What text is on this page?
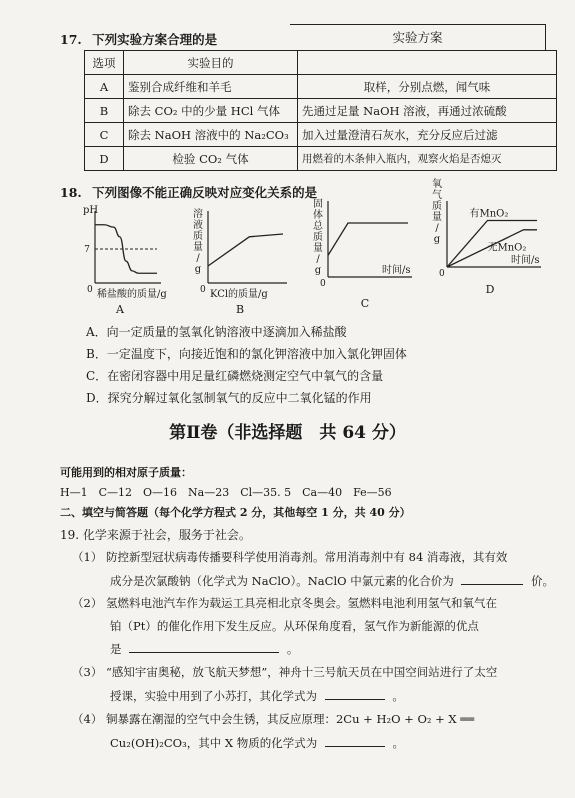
17. 下列实验方案合理的是	实验方案
选项	实验目的	
A	鉴别合成纤维和羊毛	取样，分别点燃，闻气味
B	除去 CO₂ 中的少量 HCl 气体	先通过足量 NaOH 溶液，再通过浓硫酸
C	除去 NaOH 溶液中的 Na₂CO₃	加入过量澄清石灰水，充分反应后过滤
D	检验 CO₂ 气体	用燃着的木条伸入瓶内，观察火焰是否熄灭
18. 下列图像不能正确反映对应变化关系的是
0
pH
稀盐酸的质量/g
A
7
0
溶
液
质
量
/
g
KCl的质量/g
B
0
固
体
总
质
量
/
g	时间/s
C
0
氧
气
质
量
/
g
时间/s
D
有MnO₂
无MnO₂
A．向一定质量的氢氧化钠溶液中逐滴加入稀盐酸
B．一定温度下，向接近饱和的氯化钾溶液中加入氯化钾固体
C．在密闭容器中用足量红磷燃烧测定空气中氧气的含量
D．探究分解过氧化氢制氧气的反应中二氧化锰的作用
第Ⅱ卷（非选择题　共 64 分）
可能用到的相对原子质量：
H—1　C—12　O—16　Na—23　Cl—35. 5　Ca—40　Fe—56
二、填空与简答题（每个化学方程式 2 分，其他每空 1 分，共 40 分）
19. 化学来源于社会，服务于社会。
（1） 防控新型冠状病毒传播要科学使用消毒剂。常用消毒剂中有 84 消毒液，其有效
成分是次氯酸钠（化学式为 NaClO）。NaClO 中氯元素的化合价为	价。
（2） 氢燃料电池汽车作为载运工具亮相北京冬奥会。氢燃料电池利用氢气和氧气在
铂（Pt）的催化作用下发生反应。从环保角度看，氢气作为新能源的优点
是	。
（3） “感知宇宙奥秘，放飞航天梦想”，神舟十三号航天员在中国空间站进行了太空
授课，实验中用到了小苏打，其化学式为	。
（4） 铜暴露在潮湿的空气中会生锈，其反应原理：2Cu + H₂O + O₂ + X ══
Cu₂(OH)₂CO₃，其中 X 物质的化学式为	。
